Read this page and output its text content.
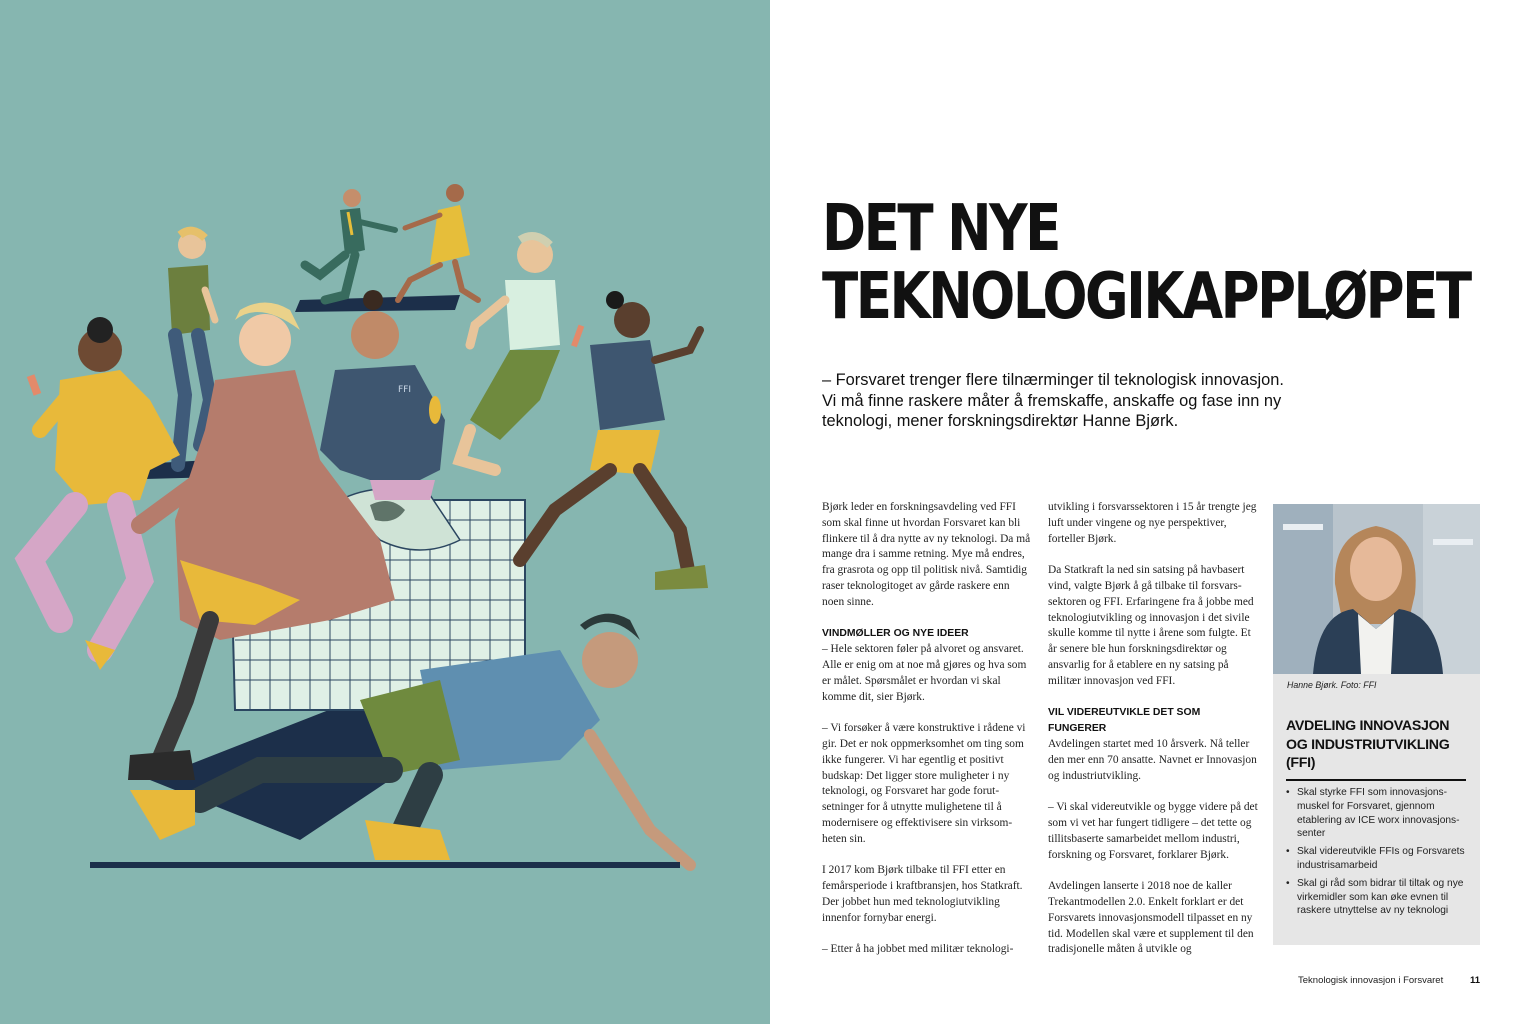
FFI
DET NYE
TEKNOLOGIKAPPLØPET

– Forsvaret trenger flere tilnærminger til teknologisk innovasjon. Vi må finne raskere måter å fremskaffe, anskaffe og fase inn ny teknologi, mener forskningsdirektør Hanne Bjørk.

Bjørk leder en forskningsavdeling ved FFI som skal finne ut hvordan Forsvaret kan bli flinkere til å dra nytte av ny teknologi. Da må mange dra i samme retning. Mye må endres, fra grasrota og opp til politisk nivå. Samtidig raser teknologitoget av gårde raskere enn noen sinne.

VINDMØLLER OG NYE IDEER

– Hele sektoren føler på alvoret og ansvaret. Alle er enig om at noe må gjøres og hva som er målet. Spørsmålet er hvordan vi skal komme dit, sier Bjørk.

– Vi forsøker å være konstruktive i rådene vi gir. Det er nok oppmerksomhet om ting som ikke fungerer. Vi har egentlig et positivt budskap: Det ligger store muligheter i ny teknologi, og Forsvaret har gode forutsetninger for å utnytte mulighetene til å modernisere og effektivisere sin virksomheten sin.

I 2017 kom Bjørk tilbake til FFI etter en femårsperiode i kraftbransjen, hos Statkraft. Der jobbet hun med teknologiutvikling innenfor fornybar energi.

– Etter å ha jobbet med militær teknologi-

utvikling i forsvarssektoren i 15 år trengte jeg luft under vingene og nye perspektiver, forteller Bjørk.

Da Statkraft la ned sin satsing på havbasert vind, valgte Bjørk å gå tilbake til forsvarssektoren og FFI. Erfaringene fra å jobbe med teknologiutvikling og innovasjon i det sivile skulle komme til nytte i årene som fulgte. Et år senere ble hun forskningsdirektør og ansvarlig for å etablere en ny satsing på militær innovasjon ved FFI.

VIL VIDEREUTVIKLE DET SOM FUNGERER

Avdelingen startet med 10 årsverk. Nå teller den mer enn 70 ansatte. Navnet er Innovasjon og industriutvikling.

– Vi skal videreutvikle og bygge videre på det som vi vet har fungert tidligere – det tette og tillitsbaserte samarbeidet mellom industri, forskning og Forsvaret, forklarer Bjørk.

Avdelingen lanserte i 2018 noe de kaller Trekantmodellen 2.0. Enkelt forklart er det Forsvarets innovasjonsmodell tilpasset en ny tid. Modellen skal være et supplement til den tradisjonelle måten å utvikle og

Hanne Bjørk. Foto: FFI

AVDELING INNOVASJON OG INDUSTRIUTVIKLING (FFI)
• Skal styrke FFI som innovasjonsmuskel for Forsvaret, gjennom etablering av ICE worx innovasjonssenter
• Skal videreutvikle FFIs og Forsvarets industrisamarbeid
• Skal gi råd som bidrar til tiltak og nye virkemidler som kan øke evnen til raskere utnyttelse av ny teknologi
Teknologisk innovasjon i Forsvaret	11
